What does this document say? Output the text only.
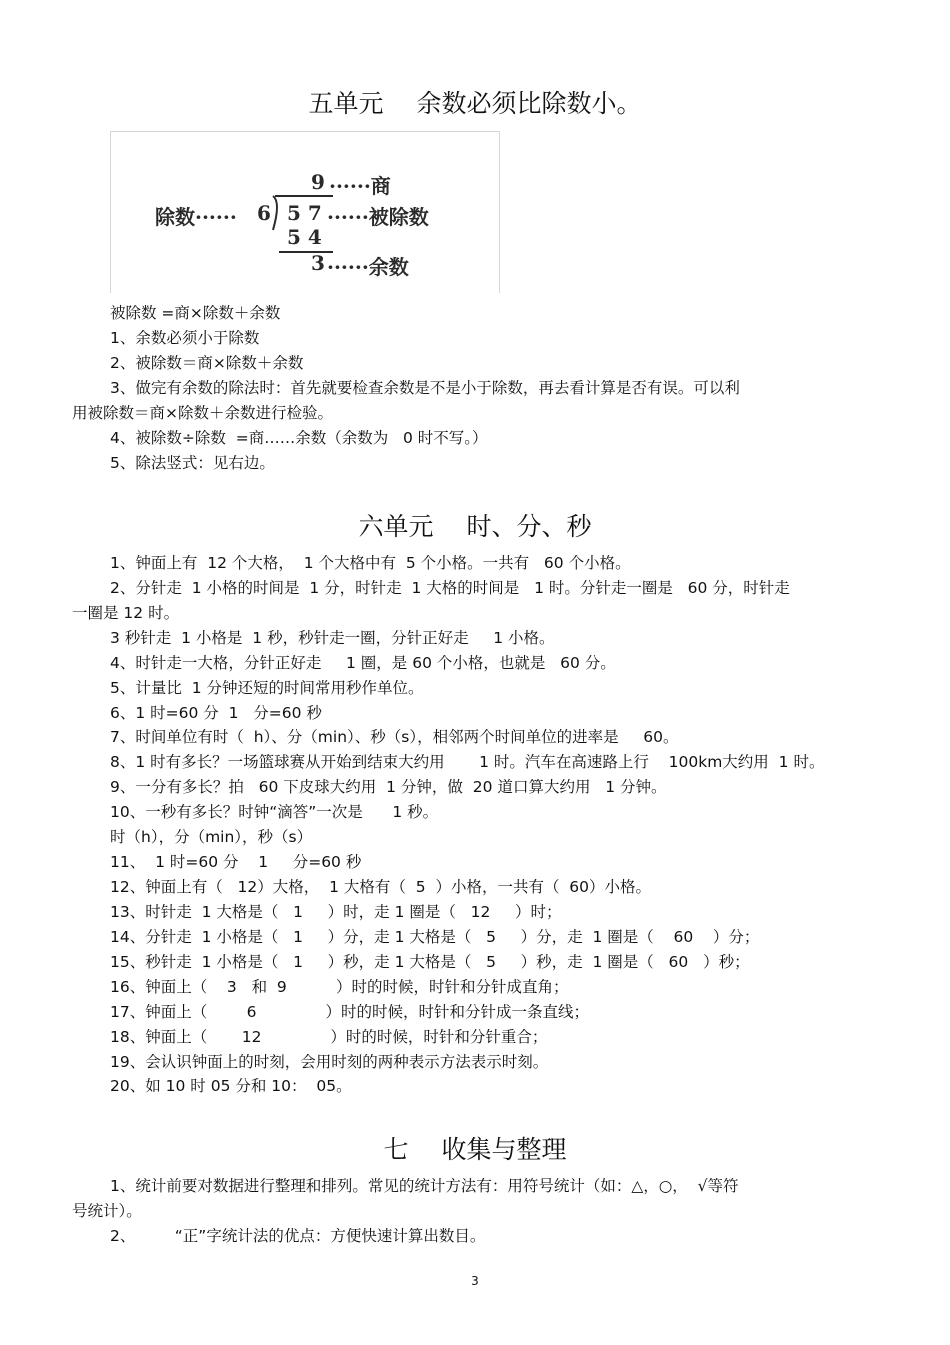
五单元　 余数必须比除数小。
9 ······商
除数······ 6 5 7 ······被除数
5 4
3 ······余数

被除数 =商×除数＋余数

1、余数必须小于除数

2、被除数＝商×除数＋余数

3、做完有余数的除法时：首先就要检查余数是不是小于除数，再去看计算是否有误。可以利

用被除数＝商×除数＋余数进行检验。

4、被除数÷除数  =商……余数（余数为   0 时不写。）

5、除法竖式：见右边。

六单元　 时、分、秒

1、钟面上有  12 个大格，  1 个大格中有  5 个小格。一共有   60 个小格。

2、分针走  1 小格的时间是  1 分，时针走  1 大格的时间是   1 时。分针走一圈是   60 分，时针走

一圈是 12 时。

3 秒针走  1 小格是  1 秒，秒针走一圈，分针正好走     1 小格。

4、时针走一大格，分针正好走     1 圈，是 60 个小格，也就是   60 分。

5、计量比  1 分钟还短的时间常用秒作单位。

6、1 时=60 分  1   分=60 秒

7、时间单位有时（  h）、分（min）、秒（s），相邻两个时间单位的进率是     60。

8、1 时有多长？一场篮球赛从开始到结束大约用       1 时。汽车在高速路上行    100km大约用  1 时。

9、一分有多长？拍   60 下皮球大约用  1 分钟，做  20 道口算大约用   1 分钟。

10、一秒有多长？时钟“滴答”一次是      1 秒。

时（h），分（min），秒（s）

11、  1 时=60 分    1     分=60 秒

12、钟面上有（   12）大格，  1 大格有（  5  ）小格，一共有（  60）小格。

13、时针走  1 大格是（   1     ）时，走 1 圈是（   12     ）时；

14、分针走  1 小格是（   1     ）分，走 1 大格是（   5     ）分，走  1 圈是（    60    ）分；

15、秒针走  1 小格是（   1     ）秒，走 1 大格是（   5     ）秒，走  1 圈是（   60   ）秒；

16、钟面上（    3   和  9          ）时的时候，时针和分针成直角；

17、钟面上（        6              ）时的时候，时针和分针成一条直线；

18、钟面上（       12              ）时的时候，时针和分针重合；

19、会认识钟面上的时刻，会用时刻的两种表示方法表示时刻。

20、如 10 时 05 分和 10：  05。

七　 收集与整理

1、统计前要对数据进行整理和排列。常见的统计方法有：用符号统计（如：△，○，  √等符

号统计）。

2、        “正”字统计法的优点：方便快速计算出数目。

3
